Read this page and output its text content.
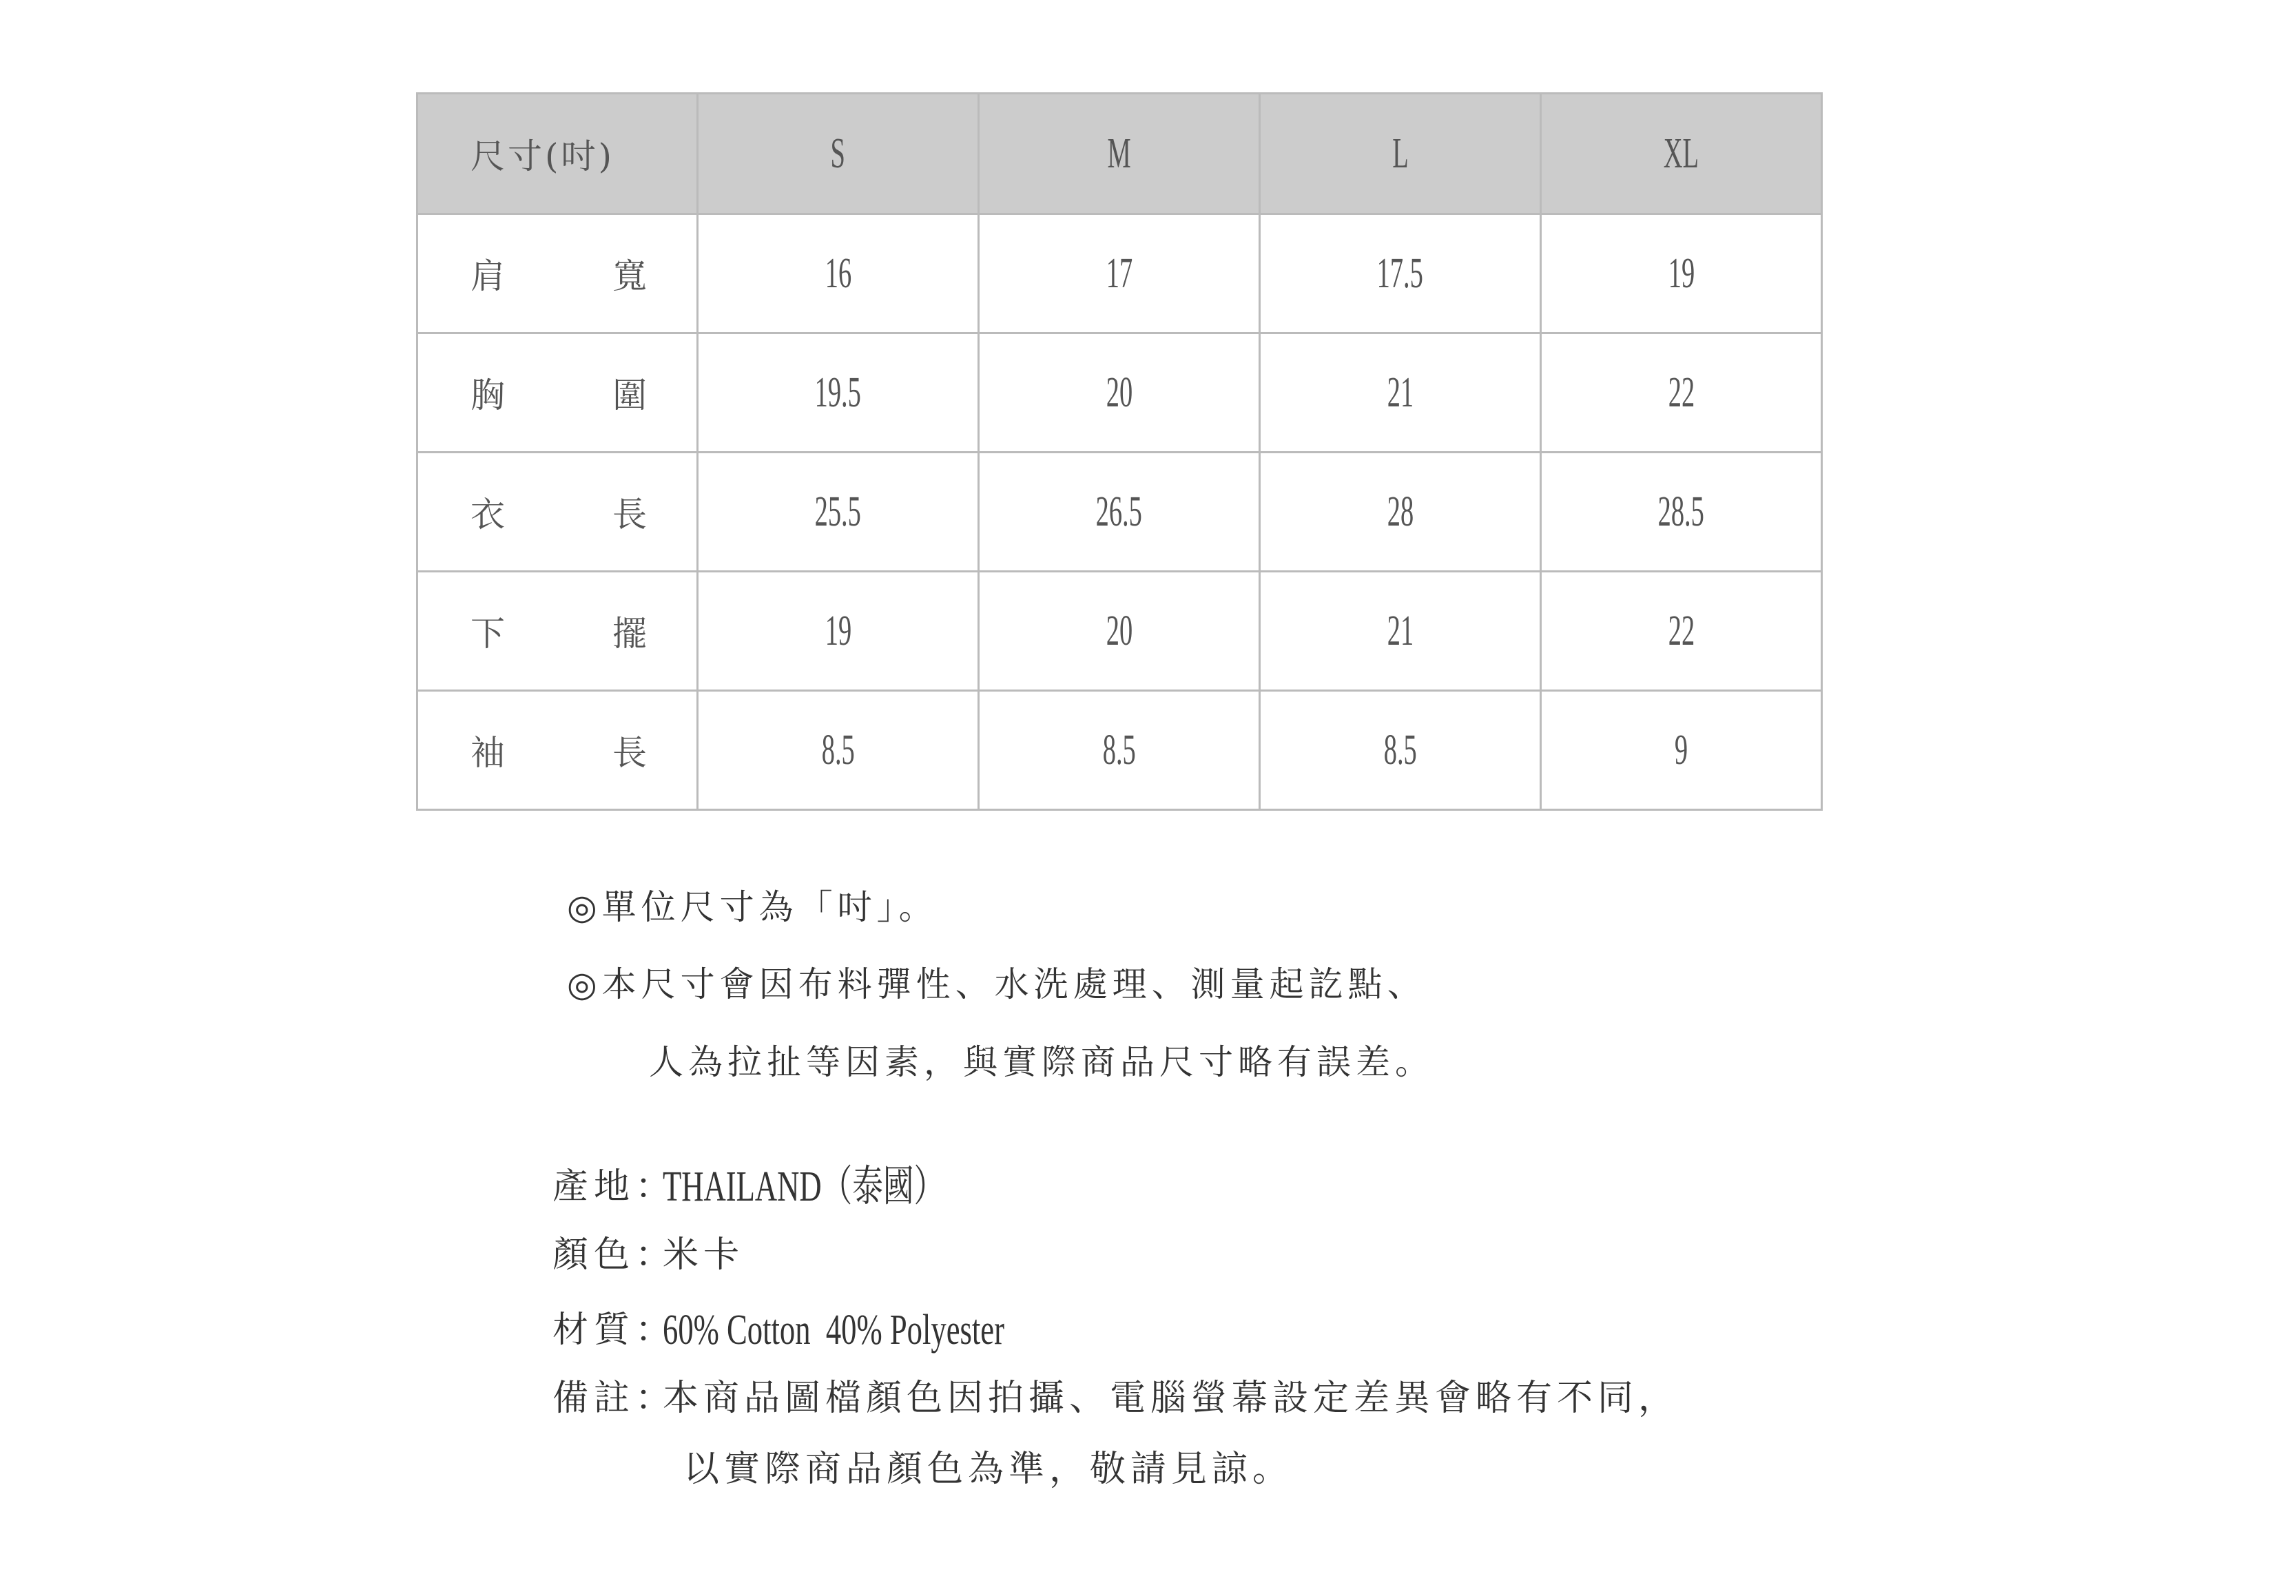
尺寸(吋)	S	M	L	XL

肩 寬	16	17	17.5	19

胸 圍	19.5	20	21	22

衣 長	25.5	26.5	28	28.5

下 擺	19	20	21	22

袖 長	8.5	8.5	8.5	9
◎單位尺寸為「吋」。
◎本尺寸會因布料彈性、水洗處理、測量起訖點、
人為拉扯等因素，與實際商品尺寸略有誤差。
產地 ：
THAILAND（泰國）
顏色 ：
米卡
材質 ：
60% Cotton  40% Polyester
備註 ：
本商品圖檔顏色因拍攝、電腦螢幕設定差異會略有不同，
以實際商品顏色為準，敬請見諒。
